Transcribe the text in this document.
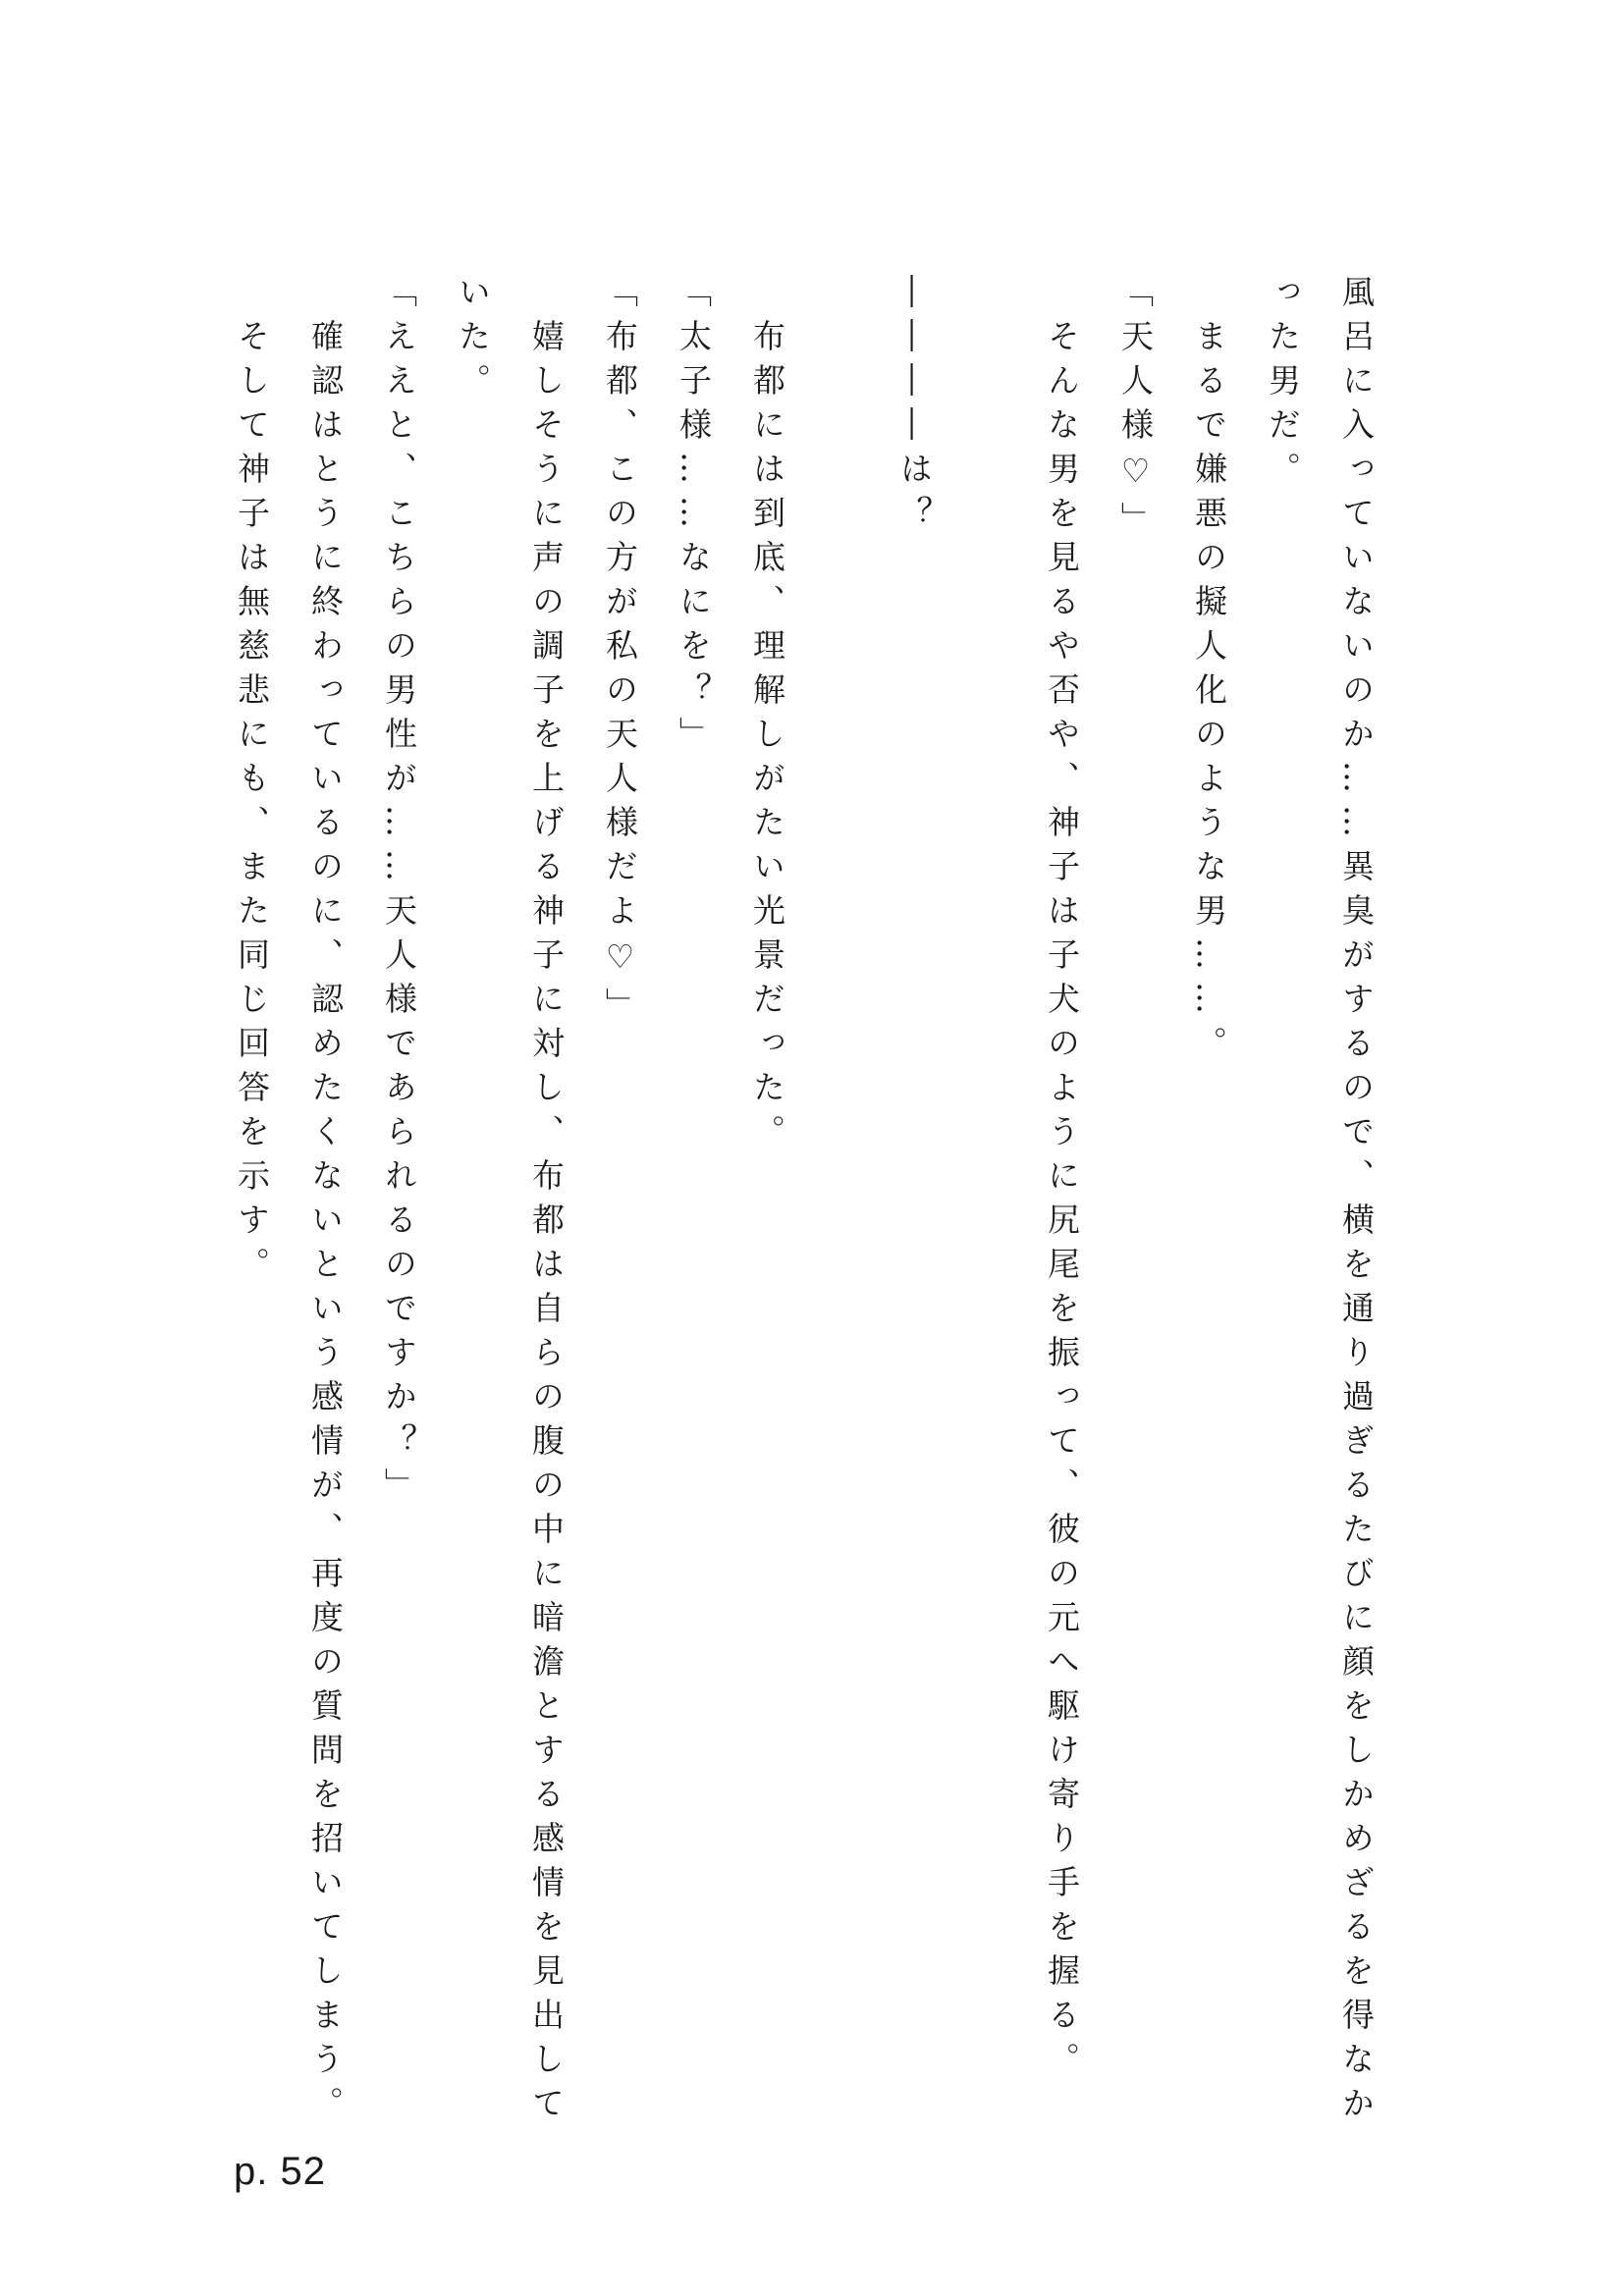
風呂に入っていないのか……異臭がするので、横を通り過ぎるたびに顔をしかめざるを得なかった男だ。

　まるで嫌悪の擬人化のような男……。

「天人様♡」

　そんな男を見るや否や、神子は子犬のように尻尾を振って、彼の元へ駆け寄り手を握る。

――――は？

　布都には到底、理解しがたい光景だった。

「太子様……なにを？」

「布都、この方が私の天人様だよ♡」

　嬉しそうに声の調子を上げる神子に対し、布都は自らの腹の中に暗澹とする感情を見出していた。

「ええと、こちらの男性が……天人様であられるのですか？」

　確認はとうに終わっているのに、認めたくないという感情が、再度の質問を招いてしまう。

　そして神子は無慈悲にも、また同じ回答を示す。

p. 52
